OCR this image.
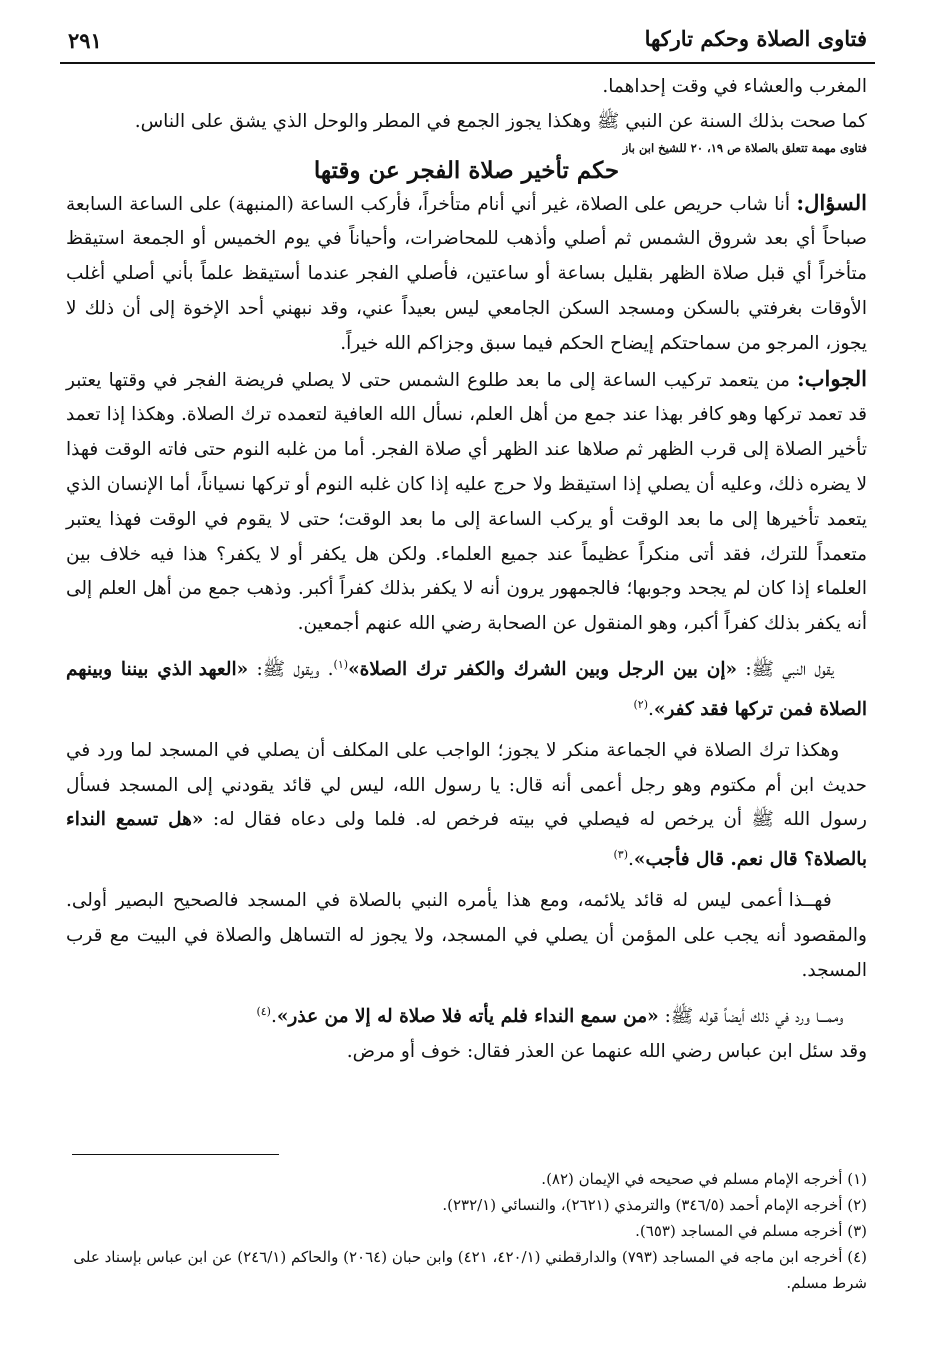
فتاوى الصلاة وحكم تاركها
٢٩١

المغرب والعشاء في وقت إحداهما.

كما صحت بذلك السنة عن النبي ﷺ وهكذا يجوز الجمع في المطر والوحل الذي يشق على الناس.

فتاوى مهمة تتعلق بالصلاة ص ١٩، ٢٠ للشيخ ابن باز

حكم تأخير صلاة الفجر عن وقتها

السؤال: أنا شاب حريص على الصلاة، غير أني أنام متأخراً، فأركب الساعة (المنبهة) على الساعة السابعة صباحاً أي بعد شروق الشمس ثم أصلي وأذهب للمحاضرات، وأحياناً في يوم الخميس أو الجمعة استيقظ متأخراً أي قبل صلاة الظهر بقليل بساعة أو ساعتين، فأصلي الفجر عندما أستيقظ علماً بأني أصلي أغلب الأوقات بغرفتي بالسكن ومسجد السكن الجامعي ليس بعيداً عني، وقد نبهني أحد الإخوة إلى أن ذلك لا يجوز، المرجو من سماحتكم إيضاح الحكم فيما سبق وجزاكم الله خيراً.

الجواب: من يتعمد تركيب الساعة إلى ما بعد طلوع الشمس حتى لا يصلي فريضة الفجر في وقتها يعتبر قد تعمد تركها وهو كافر بهذا عند جمع من أهل العلم، نسأل الله العافية لتعمده ترك الصلاة. وهكذا إذا تعمد تأخير الصلاة إلى قرب الظهر ثم صلاها عند الظهر أي صلاة الفجر. أما من غلبه النوم حتى فاته الوقت فهذا لا يضره ذلك، وعليه أن يصلي إذا استيقظ ولا حرج عليه إذا كان غلبه النوم أو تركها نسياناً، أما الإنسان الذي يتعمد تأخيرها إلى ما بعد الوقت أو يركب الساعة إلى ما بعد الوقت؛ حتى لا يقوم في الوقت فهذا يعتبر متعمداً للترك، فقد أتى منكراً عظيماً عند جميع العلماء. ولكن هل يكفر أو لا يكفر؟ هذا فيه خلاف بين العلماء إذا كان لم يجحد وجوبها؛ فالجمهور يرون أنه لا يكفر بذلك كفراً أكبر. وذهب جمع من أهل العلم إلى أنه يكفر بذلك كفراً أكبر، وهو المنقول عن الصحابة رضي الله عنهم أجمعين.

يقول النبي ﷺ: «إن بين الرجل وبين الشرك والكفر ترك الصلاة»$^{(١)}$. ويقول ﷺ: «العهد الذي بيننا وبينهم الصلاة فمن تركها فقد كفر».$^{(٢)}$

وهكذا ترك الصلاة في الجماعة منكر لا يجوز؛ الواجب على المكلف أن يصلي في المسجد لما ورد في حديث ابن أم مكتوم وهو رجل أعمى أنه قال: يا رسول الله، ليس لي قائد يقودني إلى المسجد فسأل رسول الله ﷺ أن يرخص له فيصلي في بيته فرخص له. فلما ولى دعاه فقال له: «هل تسمع النداء بالصلاة؟ قال نعم. قال فأجب».$^{(٣)}$

فهــذا أعمى ليس له قائد يلائمه، ومع هذا يأمره النبي بالصلاة في المسجد فالصحيح البصير أولى. والمقصود أنه يجب على المؤمن أن يصلي في المسجد، ولا يجوز له التساهل والصلاة في البيت مع قرب المسجد.

وممـــا ورد في ذلك أيضاً قوله ﷺ: «من سمع النداء فلم يأته فلا صلاة له إلا من عذر».$^{(٤)}$

وقد سئل ابن عباس رضي الله عنهما عن العذر فقال: خوف أو مرض.

(١) أخرجه الإمام مسلم في صحيحه في الإيمان (٨٢).

(٢) أخرجه الإمام أحمد (٣٤٦/٥) والترمذي (٢٦٢١)، والنسائي (٢٣٢/١).

(٣) أخرجه مسلم في المساجد (٦٥٣).

(٤) أخرجه ابن ماجه في المساجد (٧٩٣) والدارقطني (٤٢٠/١، ٤٢١) وابن حبان (٢٠٦٤) والحاكم (٢٤٦/١) عن ابن عباس بإسناد على شرط مسلم.
